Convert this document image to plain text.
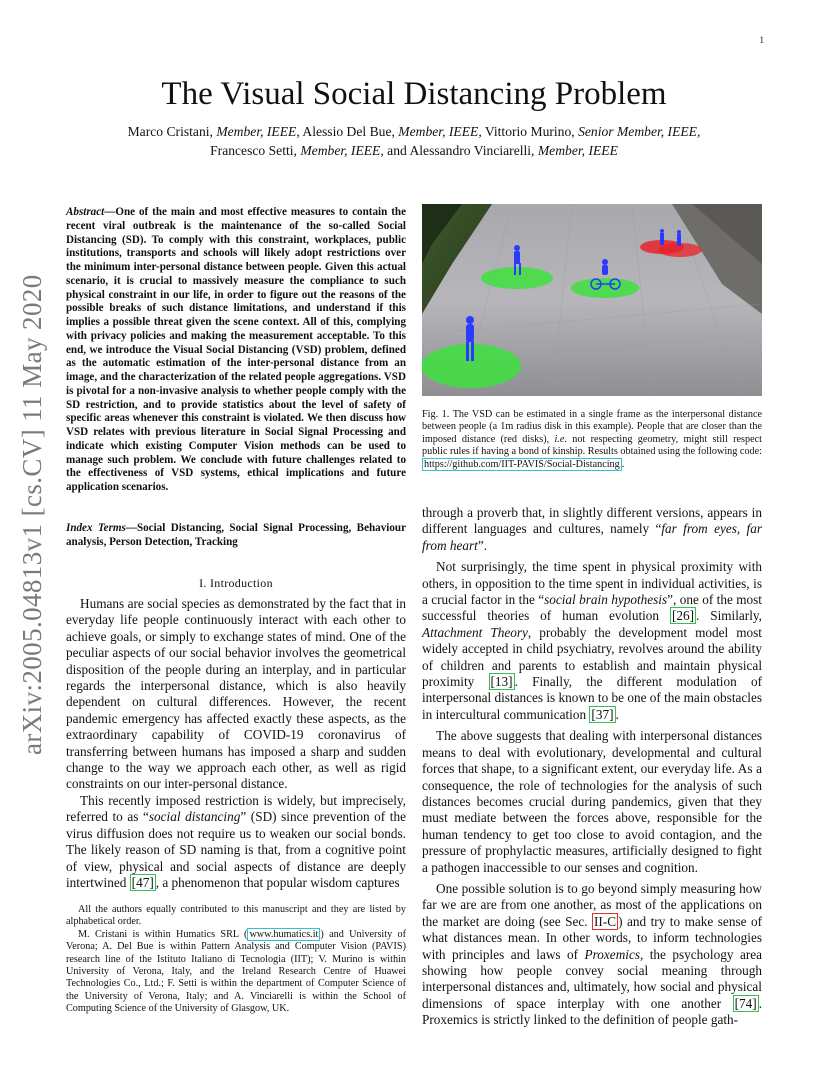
1
The Visual Social Distancing Problem
Marco Cristani, Member, IEEE, Alessio Del Bue, Member, IEEE, Vittorio Murino, Senior Member, IEEE,
Francesco Setti, Member, IEEE, and Alessandro Vinciarelli, Member, IEEE
arXiv:2005.04813v1 [cs.CV] 11 May 2020
Abstract—One of the main and most effective measures to contain the recent viral outbreak is the maintenance of the so-called Social Distancing (SD). To comply with this constraint, workplaces, public institutions, transports and schools will likely adopt restrictions over the minimum inter-personal distance between people. Given this actual scenario, it is crucial to massively measure the compliance to such physical constraint in our life, in order to figure out the reasons of the possible breaks of such distance limitations, and understand if this implies a possible threat given the scene context. All of this, complying with privacy policies and making the measurement acceptable. To this end, we introduce the Visual Social Distancing (VSD) problem, defined as the automatic estimation of the inter-personal distance from an image, and the characterization of the related people aggregations. VSD is pivotal for a non-invasive analysis to whether people comply with the SD restriction, and to provide statistics about the level of safety of specific areas whenever this constraint is violated. We then discuss how VSD relates with previous literature in Social Signal Processing and indicate which existing Computer Vision methods can be used to manage such problem. We conclude with future challenges related to the effectiveness of VSD systems, ethical implications and future application scenarios.
Index Terms—Social Distancing, Social Signal Processing, Behaviour analysis, Person Detection, Tracking
I. Introduction

Humans are social species as demonstrated by the fact that in everyday life people continuously interact with each other to achieve goals, or simply to exchange states of mind. One of the peculiar aspects of our social behavior involves the geometrical disposition of the people during an interplay, and in particular regards the interpersonal distance, which is also heavily dependent on cultural differences. However, the recent pandemic emergency has affected exactly these aspects, as the extraordinary capability of COVID-19 coronavirus of transferring between humans has imposed a sharp and sudden change to the way we approach each other, as well as rigid constraints on our inter-personal distance.

This recently imposed restriction is widely, but imprecisely, referred to as “social distancing” (SD) since prevention of the virus diffusion does not require us to weaken our social bonds. The likely reason of SD naming is that, from a cognitive point of view, physical and social aspects of distance are deeply intertwined [47] , a phenomenon that popular wisdom captures

All the authors equally contributed to this manuscript and they are listed by alphabetical order.

M. Cristani is within Humatics SRL ( www.humatics.it ) and University of Verona; A. Del Bue is within Pattern Analysis and Computer Vision (PAVIS) research line of the Istituto Italiano di Tecnologia (IIT); V. Murino is within University of Verona, Italy, and the Ireland Research Centre of Huawei Technologies Co., Ltd.; F. Setti is within the department of Computer Science of the University of Verona, Italy; and A. Vinciarelli is within the School of Computing Science of the University of Glasgow, UK.

Fig. 1. The VSD can be estimated in a single frame as the interpersonal distance between people (a 1m radius disk in this example). People that are closer than the imposed distance (red disks), i.e. not respecting geometry, might still respect public rules if having a bond of kinship. Results obtained using the following code: https://github.com/IIT-PAVIS/Social-Distancing .

through a proverb that, in slightly different versions, appears in different languages and cultures, namely “far from eyes, far from heart”.

Not surprisingly, the time spent in physical proximity with others, in opposition to the time spent in individual activities, is a crucial factor in the “social brain hypothesis”, one of the most successful theories of human evolution [26] . Similarly, Attachment Theory, probably the development model most widely accepted in child psychiatry, revolves around the ability of children and parents to establish and maintain physical proximity [13] . Finally, the different modulation of interpersonal distances is known to be one of the main obstacles in intercultural communication [37] .

The above suggests that dealing with interpersonal distances means to deal with evolutionary, developmental and cultural forces that shape, to a significant extent, our everyday life. As a consequence, the role of technologies for the analysis of such distances becomes crucial during pandemics, given that they must mediate between the forces above, responsible for the human tendency to get too close to avoid contagion, and the pressure of prophylactic measures, artificially designed to fight a pathogen inaccessible to our senses and cognition.

One possible solution is to go beyond simply measuring how far we are are from one another, as most of the applications on the market are doing (see Sec. II-C ) and try to make sense of what distances mean. In other words, to inform technologies with principles and laws of Proxemics, the psychology area showing how people convey social meaning through interpersonal distances and, ultimately, how social and physical dimensions of space interplay with one another [74] . Proxemics is strictly linked to the definition of people gath-
